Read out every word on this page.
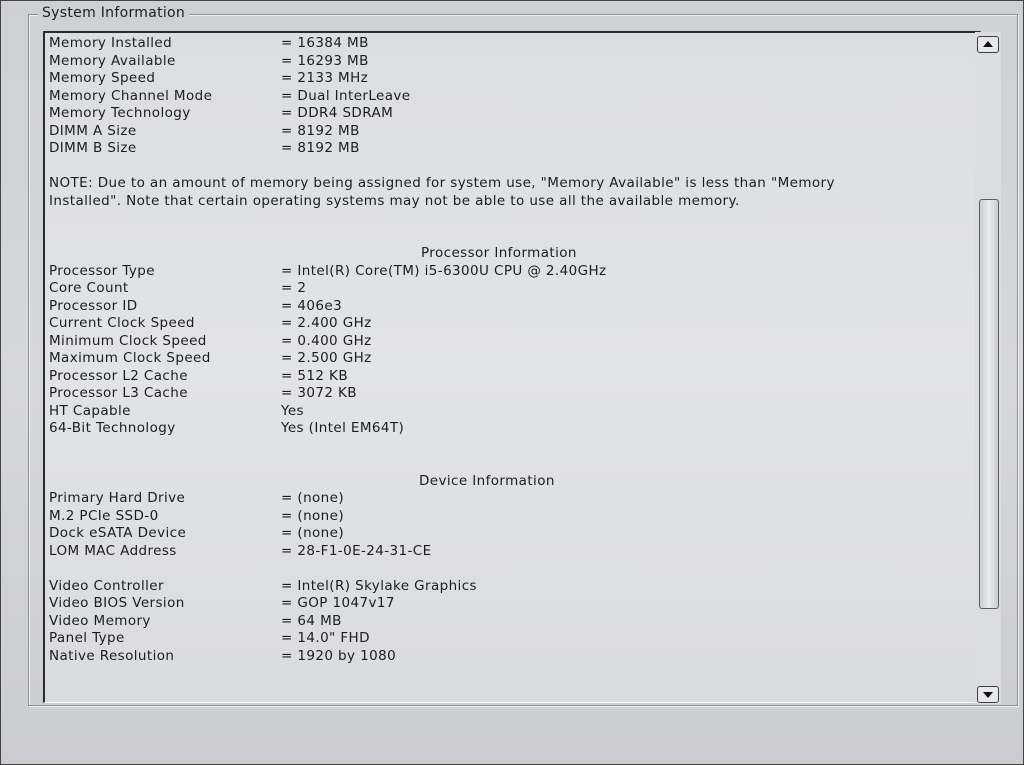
System Information
Memory Installed	= 16384 MB
Memory Available	= 16293 MB
Memory Speed	= 2133 MHz
Memory Channel Mode	= Dual InterLeave
Memory Technology	= DDR4 SDRAM
DIMM A Size	= 8192 MB
DIMM B Size	= 8192 MB
NOTE: Due to an amount of memory being assigned for system use, "Memory Available" is less than "Memory Installed". Note that certain operating systems may not be able to use all the available memory.
Processor Information
Processor Type	= Intel(R) Core(TM) i5-6300U CPU @ 2.40GHz
Core Count	= 2
Processor ID	= 406e3
Current Clock Speed	= 2.400 GHz
Minimum Clock Speed	= 0.400 GHz
Maximum Clock Speed	= 2.500 GHz
Processor L2 Cache	= 512 KB
Processor L3 Cache	= 3072 KB
HT Capable	Yes
64-Bit Technology	Yes (Intel EM64T)
Device Information
Primary Hard Drive	= (none)
M.2 PCIe SSD-0	= (none)
Dock eSATA Device	= (none)
LOM MAC Address	= 28-F1-0E-24-31-CE
Video Controller	= Intel(R) Skylake Graphics
Video BIOS Version	= GOP 1047v17
Video Memory	= 64 MB
Panel Type	= 14.0" FHD
Native Resolution	= 1920 by 1080
